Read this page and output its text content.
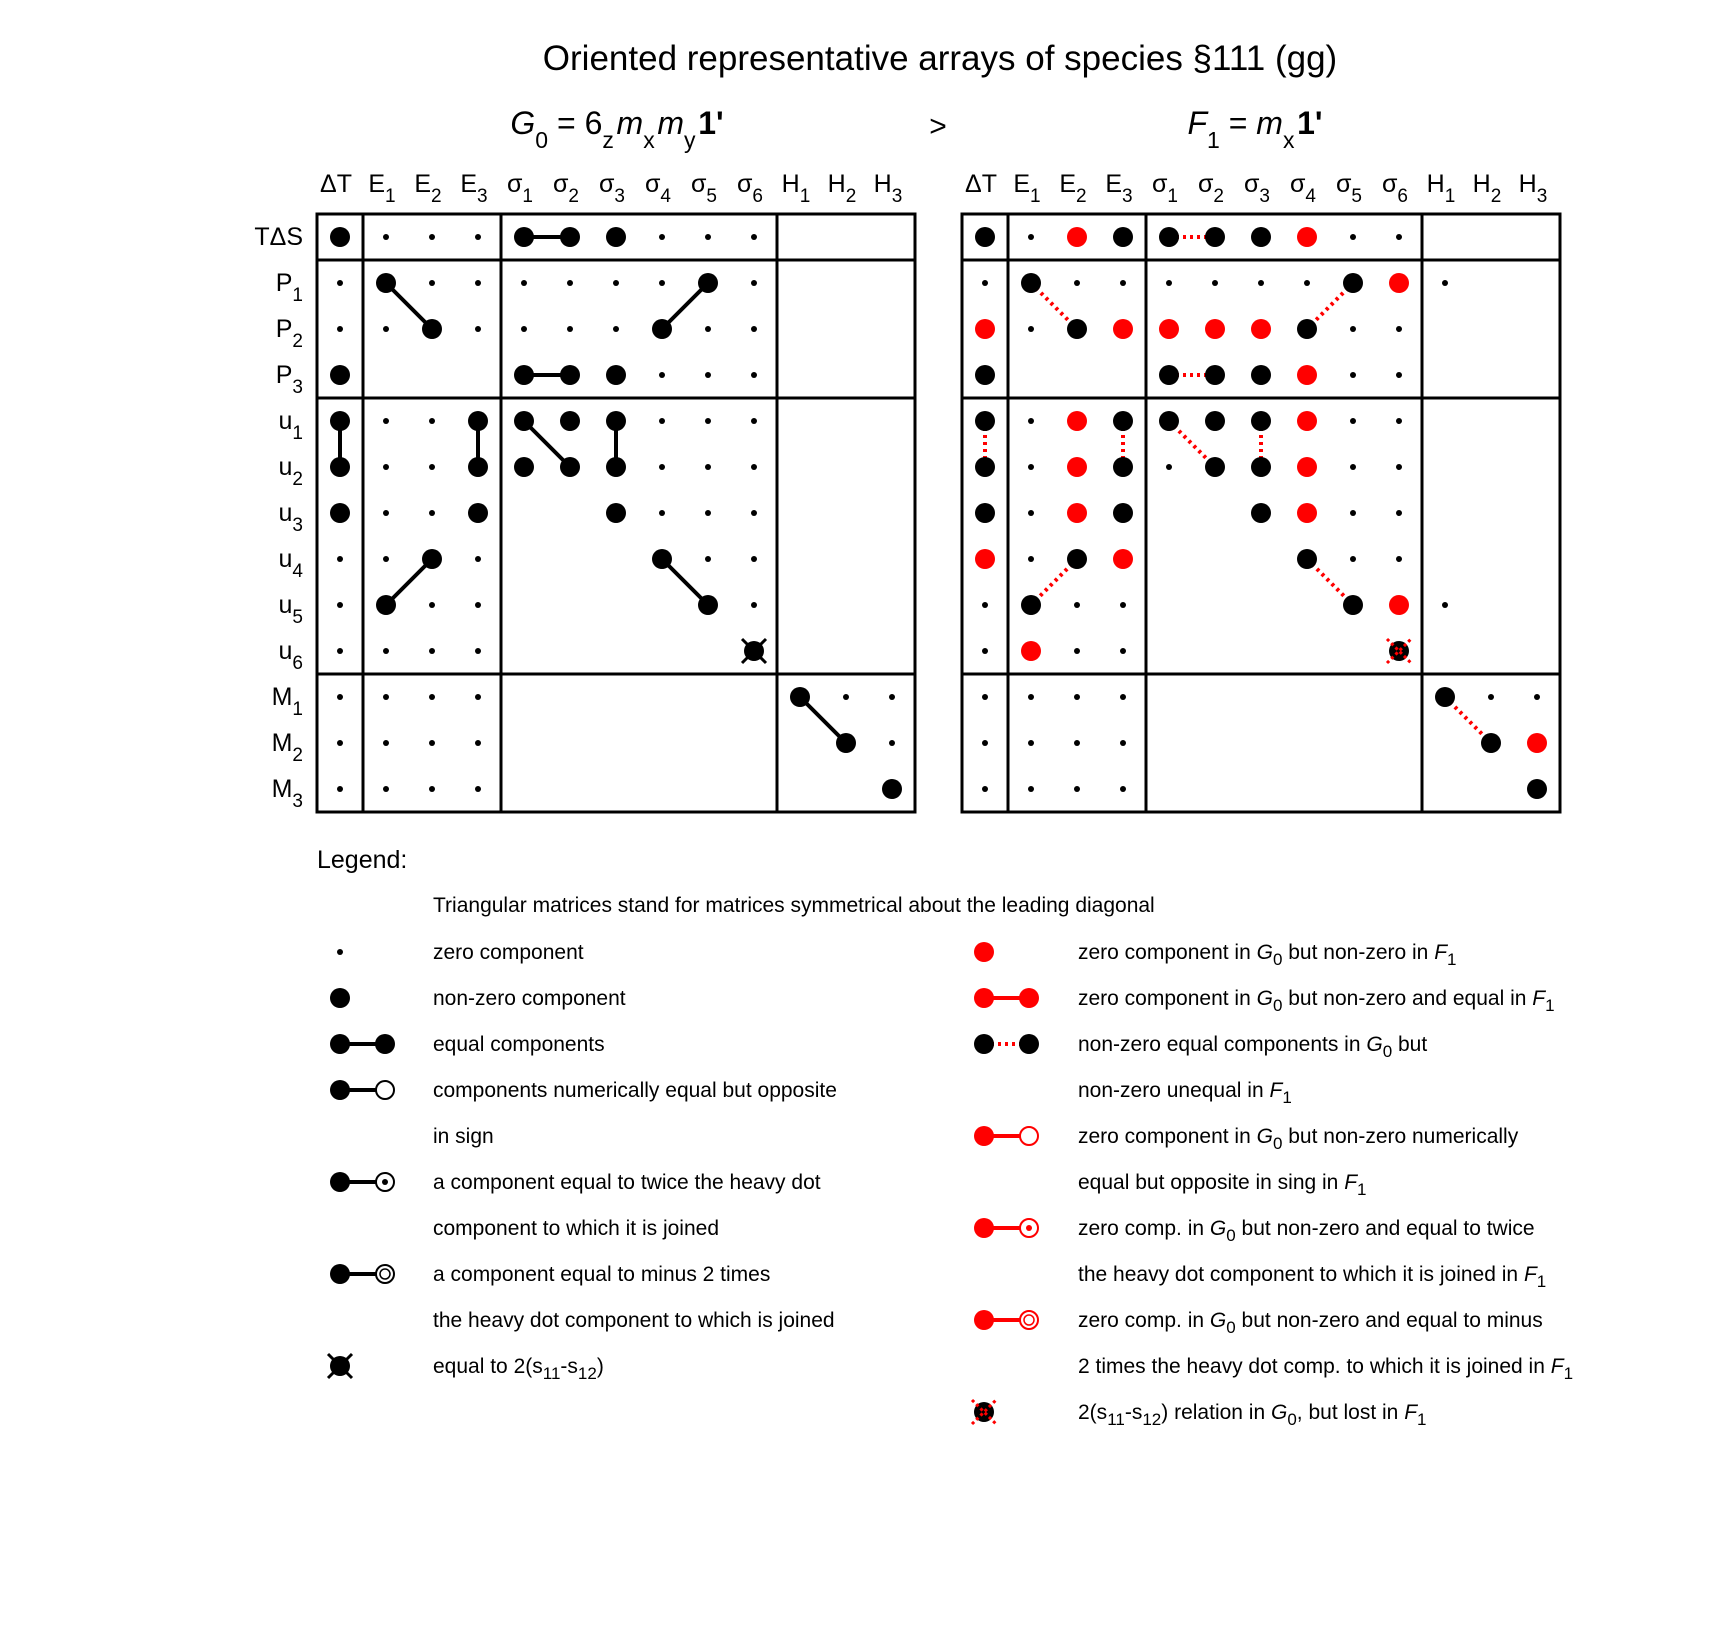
Oriented representative arrays of species §111 (gg)
>
$G_0 = 6_z$ $m_x$ $m_y$ 1'	$F_1 = m_x$ 1'
ΔT $E_1$ $E_2$ $E_3$ $\sigma_1$ $\sigma_2$ $\sigma_3$ $\sigma_4$ $\sigma_5$ $\sigma_6$ $H_1$ $H_2$ $H_3$	ΔT $E_1$ $E_2$ $E_3$ $\sigma_1$ $\sigma_2$ $\sigma_3$ $\sigma_4$ $\sigma_5$ $\sigma_6$ $H_1$ $H_2$ $H_3$
TΔS
$P_1$
$P_2$
$P_3$
$u_1$
$u_2$
$u_3$
$u_4$
$u_5$
$u_6$
$M_1$
$M_2$
$M_3$
Legend:
Triangular matrices stand for matrices symmetrical about the leading diagonal
zero component
non-zero component
equal components
components numerically equal but opposite
in sign
a component equal to twice the heavy dot
component to which it is joined
a component equal to minus 2 times
the heavy dot component to which is joined
equal to $2(s_{11}-s_{12})$
zero component in $G_0$ but non-zero in $F_1$
zero component in $G_0$ but non-zero and equal in $F_1$
non-zero equal components in $G_0$ but
non-zero unequal in $F_1$
zero component in $G_0$ but non-zero numerically
equal but opposite in sing in $F_1$
zero comp. in $G_0$ but non-zero and equal to twice
the heavy dot component to which it is joined in $F_1$
zero comp. in $G_0$ but non-zero and equal to minus
2 times the heavy dot comp. to which it is joined in $F_1$
$2(s_{11}-s_{12})$ relation in $G_0$, but lost in $F_1$
